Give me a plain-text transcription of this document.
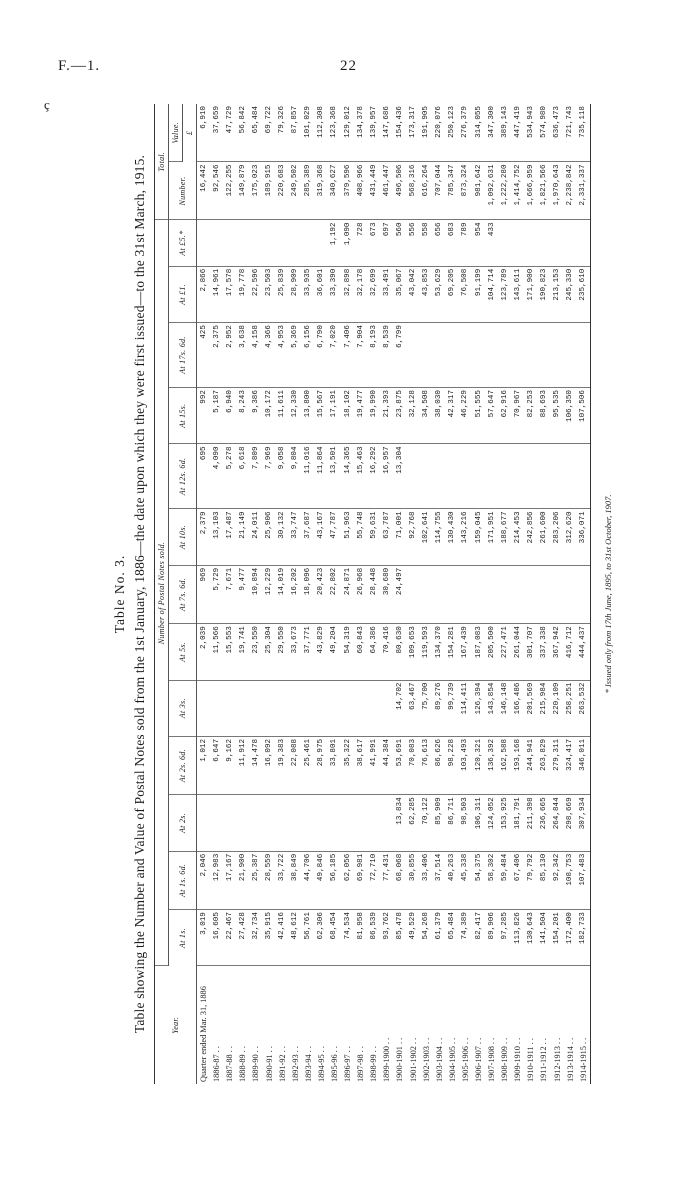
F.—1.	22
ç
Table No. 3. Table showing the Number and Value of Postal Notes sold from the 1st January, 1886—the date upon which they were first issued—to the 31st March, 1915.	Year.	Number of Postal Notes sold.													Total.	
	At 1s.	At 1s. 6d.	At 2s.	At 2s. 6d.	At 3s.	At 5s.	At 7s. 6d.	At 10s.	At 12s. 6d.	At 15s.	At 17s. 6d.	At £1.	At £5.*	Number.	Value.
															£
Quarter ended Mar. 31, 1886	3,019	2,046		1,012		2,039	969	2,379	695	992	425	2,866		16,442	6,910
1886-87 . .	16,605	12,983		6,647		11,566	5,729	13,103	4,090	5,187	2,375	14,961		92,546	37,659
1887-88 . .	22,467	17,167		9,162		15,553	7,671	17,487	5,278	6,940	2,952	17,578		122,255	47,729
1888-89 . .	27,428	21,900		11,912		19,741	9,477	21,149	6,618	8,243	3,638	19,778		149,879	56,842
1889-90 . .	32,734	25,387		14,478		23,550	10,894	24,011	7,809	9,386	4,158	22,596		175,023	65,484
1890-91 . .	35,915	28,559		16,092		25,304	12,229	25,906	7,969	10,172	4,366	23,503		189,915	69,722
1891-92 . .	42,416	33,722		19,383		29,550	14,019	30,132	9,058	11,611	4,953	25,839		220,683	79,326
1892-93 . .	48,612	38,849		22,088		33,673	16,202	33,747	9,804	12,330	5,369	28,909		249,502	87,857
1893-94 . .	56,761	44,706		25,461		37,771	18,096	37,687	11,016	13,800	6,156	33,935		285,389	101,029
1894-95 . .	62,306	49,846		28,975		43,829	20,423	43,167	11,864	15,567	6,790	36,601		319,368	112,308
1895-96 . .	68,454	56,185		33,801		49,204	22,802	47,787	13,501	17,191	7,020	33,390	1,192	340,627	123,368
1896-97 . .	74,534	62,056		35,322		54,319	24,871	51,963	14,365	18,102	7,406	32,898	1,090	379,596	129,012
1897-98 . .	81,958	69,981		38,617		60,843	26,968	55,748	15,463	19,477	7,904	32,178	728	408,966	134,378
1898-99 . .	86,539	72,710		41,991		64,386	28,448	59,631	16,292	19,990	8,193	32,699	673	431,449	139,957
1899-1900 . .	93,762	77,431		44,384		70,416	30,680	63,787	16,957	21,393	8,539	33,491	697	461,447	147,686
1900-1901 . .	85,478	68,068	13,834	53,691	14,702	80,630	24,497	71,001	13,304	23,875	6,799	35,067	560	496,506	154,436
1901-1902 . .	49,529	30,855	62,285	70,083	63,467	109,653		92,768		32,128		43,042	556	568,316	173,317
1902-1903 . .	54,268	33,406	70,122	76,613	75,700	119,593		102,641		34,508		43,853	558	616,264	191,905
1903-1904 . .	61,379	37,514	85,909	86,626	89,276	134,370		114,755		38,030		53,629	656	707,044	220,076
1904-1905 . .	65,484	40,263	86,711	98,228	99,739	154,281		130,430		42,317		69,205	683	785,347	250,123
1905-1906 . .	74,389	45,338	98,503	103,493	114,411	167,439		143,216		46,229		76,508	789	873,324	276,379
1906-1907 . .	82,417	54,375	106,311	120,321	126,394	187,083		159,045		51,555		91,199	954	981,642	314,055
1907-1908 . .	89,906	58,302	124,052	136,392	143,854	205,500		171,951		57,647		104,714	433	1,092,631	347,300
1908-1909 . .	97,285	59,484	153,925	162,588	146,148	227,471		188,677		62,916		123,789		1,222,280	389,143
1909-1910 . .	113,826	67,406	181,791	193,168	166,486	261,044		214,453		70,967		143,611		1,414,752	447,419
1910-1911 . .	130,643	79,792	211,398	244,941	201,569	301,707		242,856		82,253		171,900		1,666,959	534,943
1911-1912 . .	141,504	85,130	236,665	263,829	215,984	337,338		261,600		88,693		190,823		1,821,566	574,980
1912-1913 . .	154,201	92,342	264,844	279,311	220,109	367,942		283,206		95,535		213,153		1,970,643	636,473
1913-1914 . .	172,400	108,753	298,669	324,417	258,251	416,712		312,620		106,350		245,330		2,238,842	721,743
1914-1915 . .	182,733	107,483	307,934	346,011	263,532	444,437		336,071		107,506		235,610		2,331,337	735,118
* Issued only from 17th June, 1895, to 31st October, 1907.
